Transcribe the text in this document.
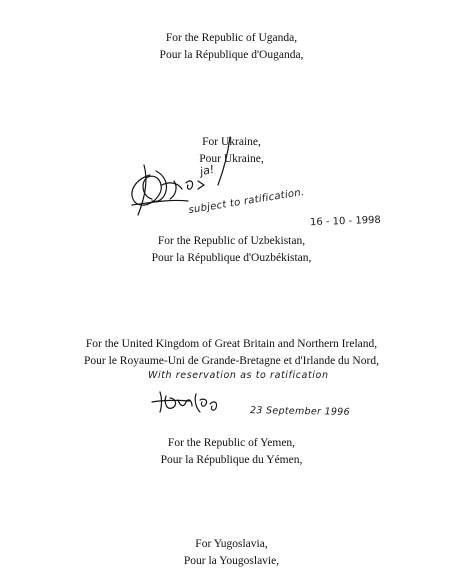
For the Republic of Uganda,
Pour la République d'Ouganda,
For Ukraine,
Pour Ukraine,
ja!
subject to ratification.
16 - 10 - 1998
For the Republic of Uzbekistan,
Pour la République d'Ouzbékistan,
For the United Kingdom of Great Britain and Northern Ireland,
Pour le Royaume-Uni de Grande-Bretagne et d'Irlande du Nord,
With reservation as to ratification
23 September 1996
For the Republic of Yemen,
Pour la République du Yémen,
For Yugoslavia,
Pour la Yougoslavie,
